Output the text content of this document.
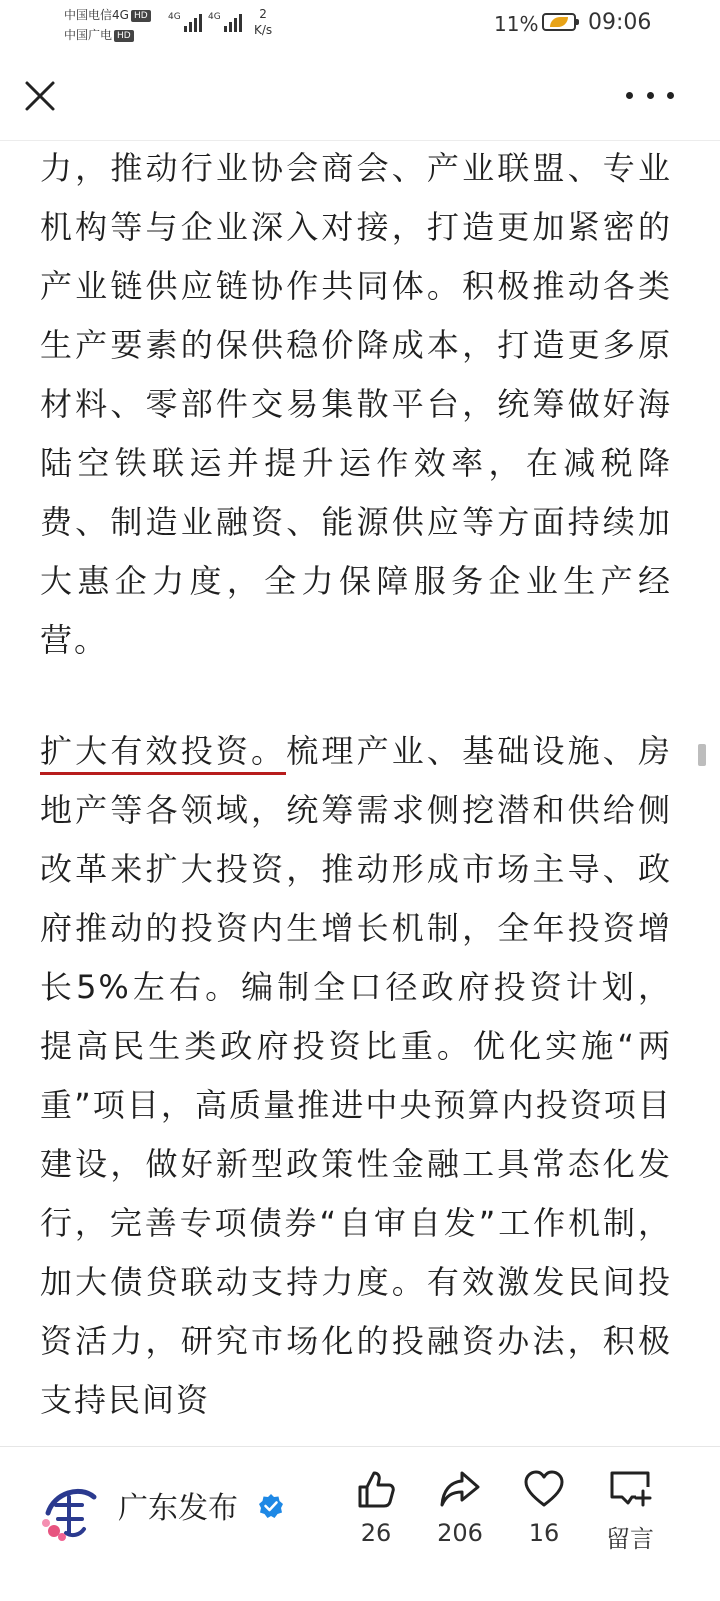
中国电信4G HD
中国广电 HD
4G	4G	2
K/s	11% 09:06

力，推动行业协会商会、产业联盟、专业机构等与企业深入对接，打造更加紧密的产业链供应链协作共同体。积极推动各类生产要素的保供稳价降成本，打造更多原材料、零部件交易集散平台，统筹做好海陆空铁联运并提升运作效率，在减税降费、制造业融资、能源供应等方面持续加大惠企力度，全力保障服务企业生产经营。

扩大有效投资。梳理产业、基础设施、房地产等各领域，统筹需求侧挖潜和供给侧改革来扩大投资，推动形成市场主导、政府推动的投资内生增长机制，全年投资增长5%左右。编制全口径政府投资计划，提高民生类政府投资比重。优化实施“两重”项目，高质量推进中央预算内投资项目建设，做好新型政策性金融工具常态化发行，完善专项债券“自审自发”工作机制，加大债贷联动支持力度。有效激发民间投资活力，研究市场化的投融资办法，积极支持民间资

广东发布
26	206	16	留言
